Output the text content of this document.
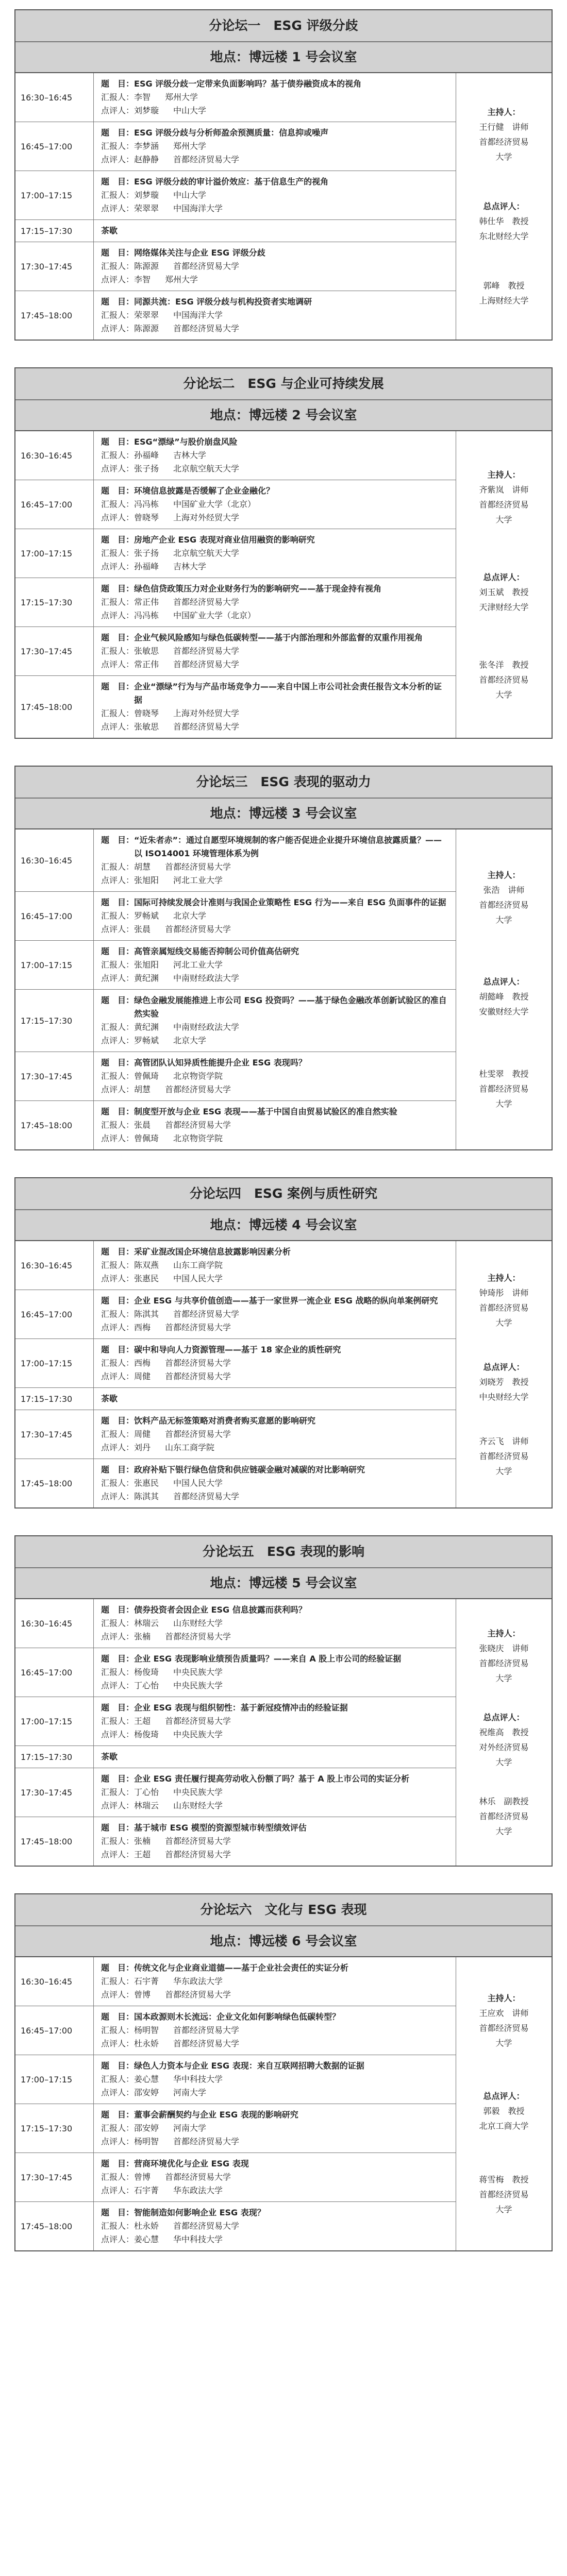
分论坛一　ESG 评级分歧
地点：博远楼 1 号会议室
16:30–16:45
题　目： ESG 评级分歧一定带来负面影响吗？基于债券融资成本的视角
汇报人：李智 郑州大学
点评人：刘梦璇 中山大学
16:45–17:00
题　目： ESG 评级分歧与分析师盈余预测质量：信息抑或噪声
汇报人：李梦涵 郑州大学
点评人：赵静静 首都经济贸易大学
17:00–17:15
题　目： ESG 评级分歧的审计溢价效应：基于信息生产的视角
汇报人：刘梦璇 中山大学
点评人：荣翠翠 中国海洋大学
17:15–17:30	茶歇
17:30–17:45
题　目： 网络媒体关注与企业 ESG 评级分歧
汇报人：陈源源 首都经济贸易大学
点评人：李智 郑州大学
17:45–18:00
题　目： 同源共流：ESG 评级分歧与机构投资者实地调研
汇报人：荣翠翠 中国海洋大学
点评人：陈源源 首都经济贸易大学
主持人：
王行健　讲师
首都经济贸易
大学
总点评人：
韩仕华　教授
东北财经大学
郭峰　教授
上海财经大学
分论坛二　ESG 与企业可持续发展
地点：博远楼 2 号会议室
16:30–16:45
题　目： ESG“漂绿”与股价崩盘风险
汇报人：孙福峰 吉林大学
点评人：张子扬 北京航空航天大学
16:45–17:00
题　目： 环境信息披露是否缓解了企业金融化？
汇报人：冯冯栋 中国矿业大学（北京）
点评人：曾晓琴 上海对外经贸大学
17:00–17:15
题　目： 房地产企业 ESG 表现对商业信用融资的影响研究
汇报人：张子扬 北京航空航天大学
点评人：孙福峰 吉林大学
17:15–17:30
题　目： 绿色信贷政策压力对企业财务行为的影响研究——基于现金持有视角
汇报人：常正伟 首都经济贸易大学
点评人：冯冯栋 中国矿业大学（北京）
17:30–17:45
题　目： 企业气候风险感知与绿色低碳转型——基于内部治理和外部监督的双重作用视角
汇报人：张敏思 首都经济贸易大学
点评人：常正伟 首都经济贸易大学
17:45–18:00
题　目： 企业“漂绿”行为与产品市场竞争力——来自中国上市公司社会责任报告文本分析的证据
汇报人：曾晓琴 上海对外经贸大学
点评人：张敏思 首都经济贸易大学
主持人：
齐紫岚　讲师
首都经济贸易
大学
总点评人：
刘玉斌　教授
天津财经大学
张冬洋　教授
首都经济贸易
大学
分论坛三　ESG 表现的驱动力
地点：博远楼 3 号会议室
16:30–16:45
题　目： “近朱者赤”：通过自愿型环境规制的客户能否促进企业提升环境信息披露质量？——以 ISO14001 环境管理体系为例
汇报人：胡慧 首都经济贸易大学
点评人：张旭阳 河北工业大学
16:45–17:00
题　目： 国际可持续发展会计准则与我国企业策略性 ESG 行为——来自 ESG 负面事件的证据
汇报人：罗畅斌 北京大学
点评人：张晨 首都经济贸易大学
17:00–17:15
题　目： 高管亲属短线交易能否抑制公司价值高估研究
汇报人：张旭阳 河北工业大学
点评人：黄纪渊 中南财经政法大学
17:15–17:30
题　目： 绿色金融发展能推进上市公司 ESG 投资吗？——基于绿色金融改革创新试验区的准自然实验
汇报人：黄纪渊 中南财经政法大学
点评人：罗畅斌 北京大学
17:30–17:45
题　目： 高管团队认知异质性能提升企业 ESG 表现吗？
汇报人：曾佩琦 北京物资学院
点评人：胡慧 首都经济贸易大学
17:45–18:00
题　目： 制度型开放与企业 ESG 表现——基于中国自由贸易试验区的准自然实验
汇报人：张晨 首都经济贸易大学
点评人：曾佩琦 北京物资学院
主持人：
张浩　讲师
首都经济贸易
大学
总点评人：
胡懿峰　教授
安徽财经大学
杜雯翠　教授
首都经济贸易
大学
分论坛四　ESG 案例与质性研究
地点：博远楼 4 号会议室
16:30–16:45
题　目： 采矿业混改国企环境信息披露影响因素分析
汇报人：陈双燕 山东工商学院
点评人：张惠民 中国人民大学
16:45–17:00
题　目： 企业 ESG 与共享价值创造——基于一家世界一流企业 ESG 战略的纵向单案例研究
汇报人：陈淇其 首都经济贸易大学
点评人：西梅 首都经济贸易大学
17:00–17:15
题　目： 碳中和导向人力资源管理——基于 18 家企业的质性研究
汇报人：西梅 首都经济贸易大学
点评人：周健 首都经济贸易大学
17:15–17:30	茶歇
17:30–17:45
题　目： 饮料产品无标签策略对消费者购买意愿的影响研究
汇报人：周健 首都经济贸易大学
点评人：刘丹 山东工商学院
17:45–18:00
题　目： 政府补贴下银行绿色信贷和供应链碳金融对减碳的对比影响研究
汇报人：张惠民 中国人民大学
点评人：陈淇其 首都经济贸易大学
主持人：
钟琦彤　讲师
首都经济贸易
大学
总点评人：
刘晓芳　教授
中央财经大学
齐云飞　讲师
首都经济贸易
大学
分论坛五　ESG 表现的影响
地点：博远楼 5 号会议室
16:30–16:45
题　目： 债券投资者会因企业 ESG 信息披露而获利吗？
汇报人：林瑞云 山东财经大学
点评人：张楠 首都经济贸易大学
16:45–17:00
题　目： 企业 ESG 表现影响业绩预告质量吗？——来自 A 股上市公司的经验证据
汇报人：杨俊琦 中央民族大学
点评人：丁心怡 中央民族大学
17:00–17:15
题　目： 企业 ESG 表现与组织韧性：基于新冠疫情冲击的经验证据
汇报人：王超 首都经济贸易大学
点评人：杨俊琦 中央民族大学
17:15–17:30	茶歇
17:30–17:45
题　目： 企业 ESG 责任履行提高劳动收入份额了吗？基于 A 股上市公司的实证分析
汇报人：丁心怡 中央民族大学
点评人：林瑞云 山东财经大学
17:45–18:00
题　目： 基于城市 ESG 模型的资源型城市转型绩效评估
汇报人：张楠 首都经济贸易大学
点评人：王超 首都经济贸易大学
主持人：
张晓庆　讲师
首都经济贸易
大学
总点评人：
祝维高　教授
对外经济贸易
大学
林乐　副教授
首都经济贸易
大学
分论坛六　文化与 ESG 表现
地点：博远楼 6 号会议室
16:30–16:45
题　目： 传统文化与企业商业道德——基于企业社会责任的实证分析
汇报人：石宇菁 华东政法大学
点评人：曾博 首都经济贸易大学
16:45–17:00
题　目： 国本政源则木长流远：企业文化如何影响绿色低碳转型？
汇报人：杨明智 首都经济贸易大学
点评人：杜永娇 首都经济贸易大学
17:00–17:15
题　目： 绿色人力资本与企业 ESG 表现：来自互联网招聘大数据的证据
汇报人：姜心慧 华中科技大学
点评人：邵安婷 河南大学
17:15–17:30
题　目： 董事会薪酬契约与企业 ESG 表现的影响研究
汇报人：邵安婷 河南大学
点评人：杨明智 首都经济贸易大学
17:30–17:45
题　目： 营商环境优化与企业 ESG 表现
汇报人：曾博 首都经济贸易大学
点评人：石宇菁 华东政法大学
17:45–18:00
题　目： 智能制造如何影响企业 ESG 表现？
汇报人：杜永娇 首都经济贸易大学
点评人：姜心慧 华中科技大学
主持人：
王应欢　讲师
首都经济贸易
大学
总点评人：
郭毅　教授
北京工商大学
蒋雪梅　教授
首都经济贸易
大学
